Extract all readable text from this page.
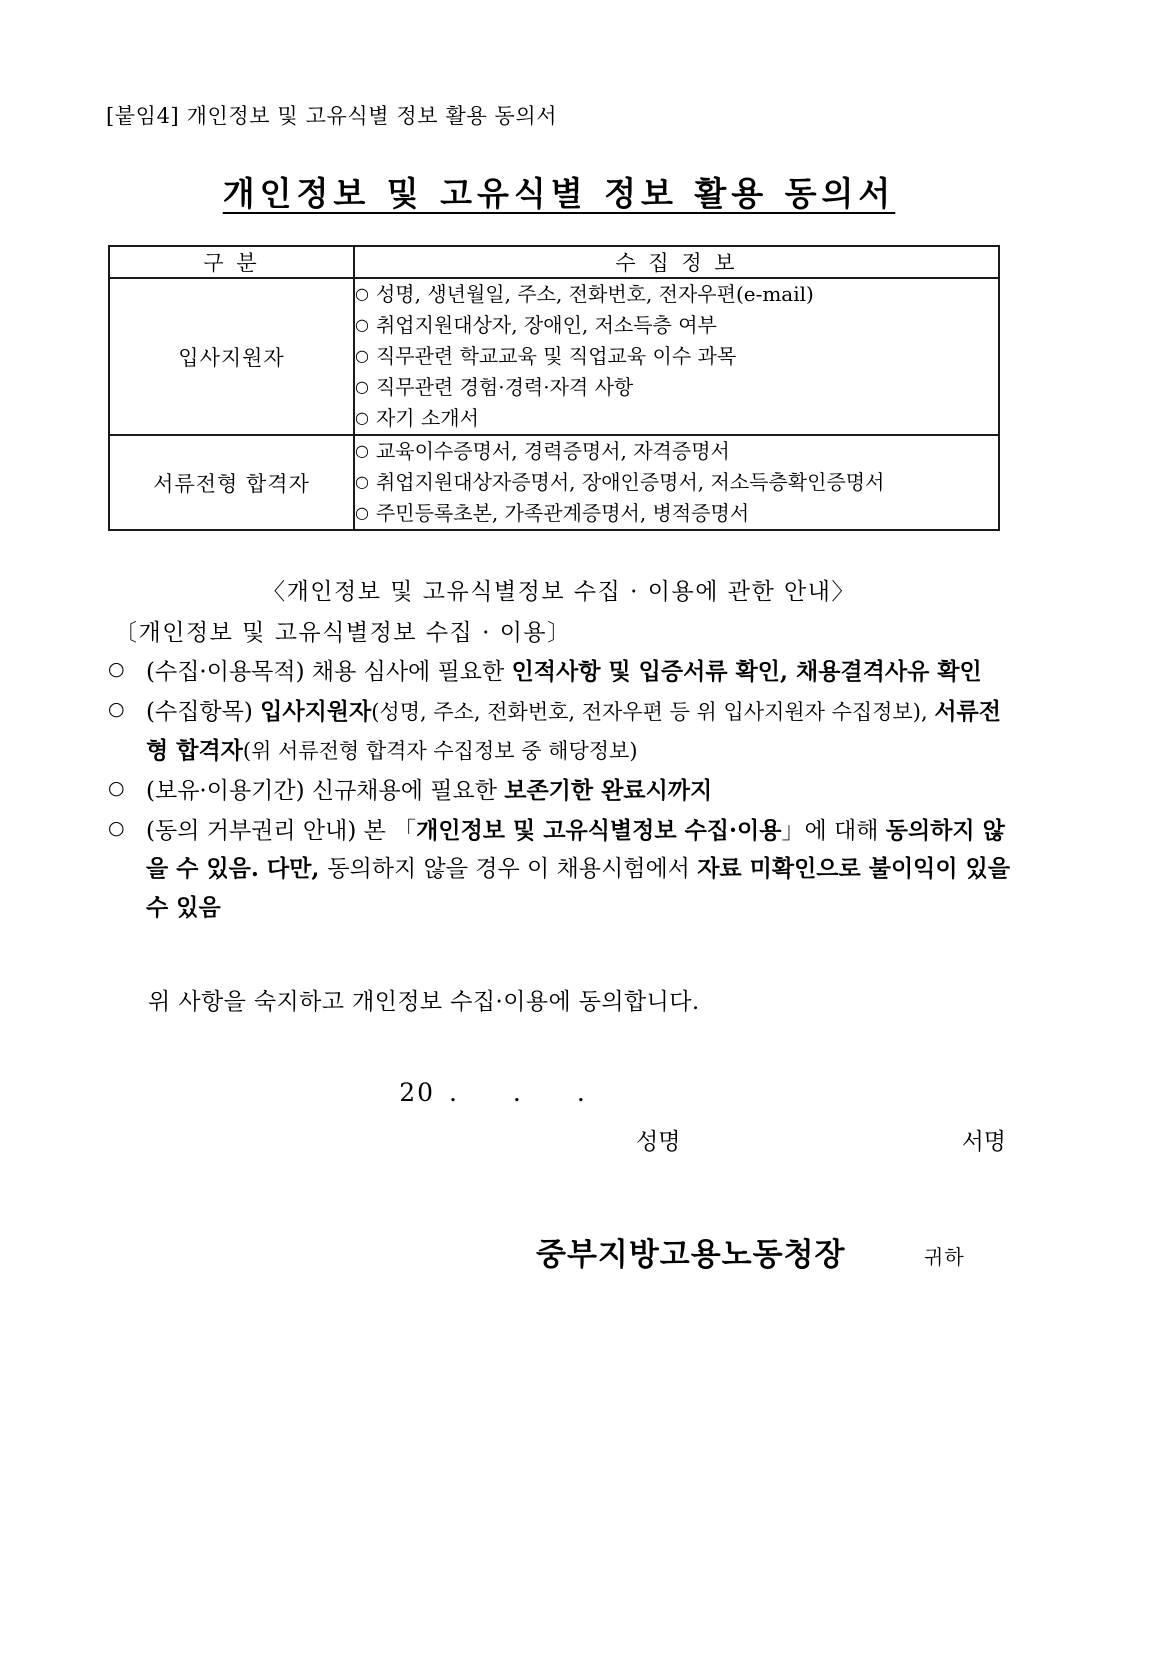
[붙임4] 개인정보 및 고유식별 정보 활용 동의서
개인정보 및 고유식별 정보 활용 동의서
구 분	수 집 정 보
입사지원자	
○ 성명, 생년월일, 주소, 전화번호, 전자우편(e-mail)
○ 취업지원대상자, 장애인, 저소득층 여부
○ 직무관련 학교교육 및 직업교육 이수 과목
○ 직무관련 경험·경력·자격 사항
○ 자기 소개서

서류전형 합격자	
○ 교육이수증명서, 경력증명서, 자격증명서
○ 취업지원대상자증명서, 장애인증명서, 저소득층확인증명서
○ 주민등록초본, 가족관계증명서, 병적증명서
〈개인정보 및 고유식별정보 수집 · 이용에 관한 안내〉
〔개인정보 및 고유식별정보 수집 · 이용〕
○ (수집·이용목적) 채용 심사에 필요한 인적사항 및 입증서류 확인, 채용결격사유 확인
○ (수집항목) 입사지원자(성명, 주소, 전화번호, 전자우편 등 위 입사지원자 수집정보), 서류전형 합격자(위 서류전형 합격자 수집정보 중 해당정보)
○ (보유·이용기간) 신규채용에 필요한 보존기한 완료시까지
○ (동의 거부권리 안내) 본 「개인정보 및 고유식별정보 수집·이용」에 대해 동의하지 않을 수 있음. 다만, 동의하지 않을 경우 이 채용시험에서 자료 미확인으로 불이익이 있을 수 있음
위 사항을 숙지하고 개인정보 수집·이용에 동의합니다.
20 . . .
성명	서명
중부지방고용노동청장	귀하
